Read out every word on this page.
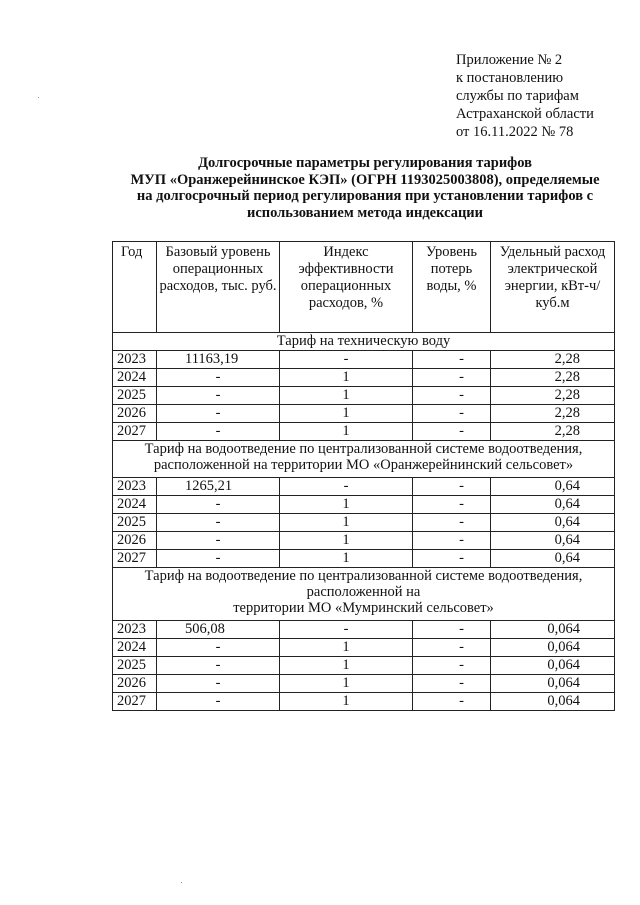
Приложение № 2
к постановлению
службы по тарифам
Астраханской области
от 16.11.2022 № 78
Долгосрочные параметры регулирования тарифов
МУП «Оранжерейнинское КЭП» (ОГРН 1193025003808), определяемые
на долгосрочный период регулирования при установлении тарифов с
использованием метода индексации
Год	Базовый уровень операционных расходов, тыс. руб.	Индекс эффективности операционных расходов, %	Уровень потерь воды, %	Удельный расход электрической энергии, кВт-ч/куб.м
Тариф на техническую воду				
2023	11163,19	-	-	2,28
2024	-	1	-	2,28
2025	-	1	-	2,28
2026	-	1	-	2,28
2027	-	1	-	2,28

Тариф на водоотведение по централизованной системе водоотведения,
расположенной на территории МО «Оранжерейнинский сельсовет»				

2023	1265,21	-	-	0,64
2024	-	1	-	0,64
2025	-	1	-	0,64
2026	-	1	-	0,64
2027	-	1	-	0,64

Тариф на водоотведение по централизованной системе водоотведения,
расположенной на
территории МО «Мумринский сельсовет»				

2023	506,08	-	-	0,064
2024	-	1	-	0,064
2025	-	1	-	0,064
2026	-	1	-	0,064
2027	-	1	-	0,064
